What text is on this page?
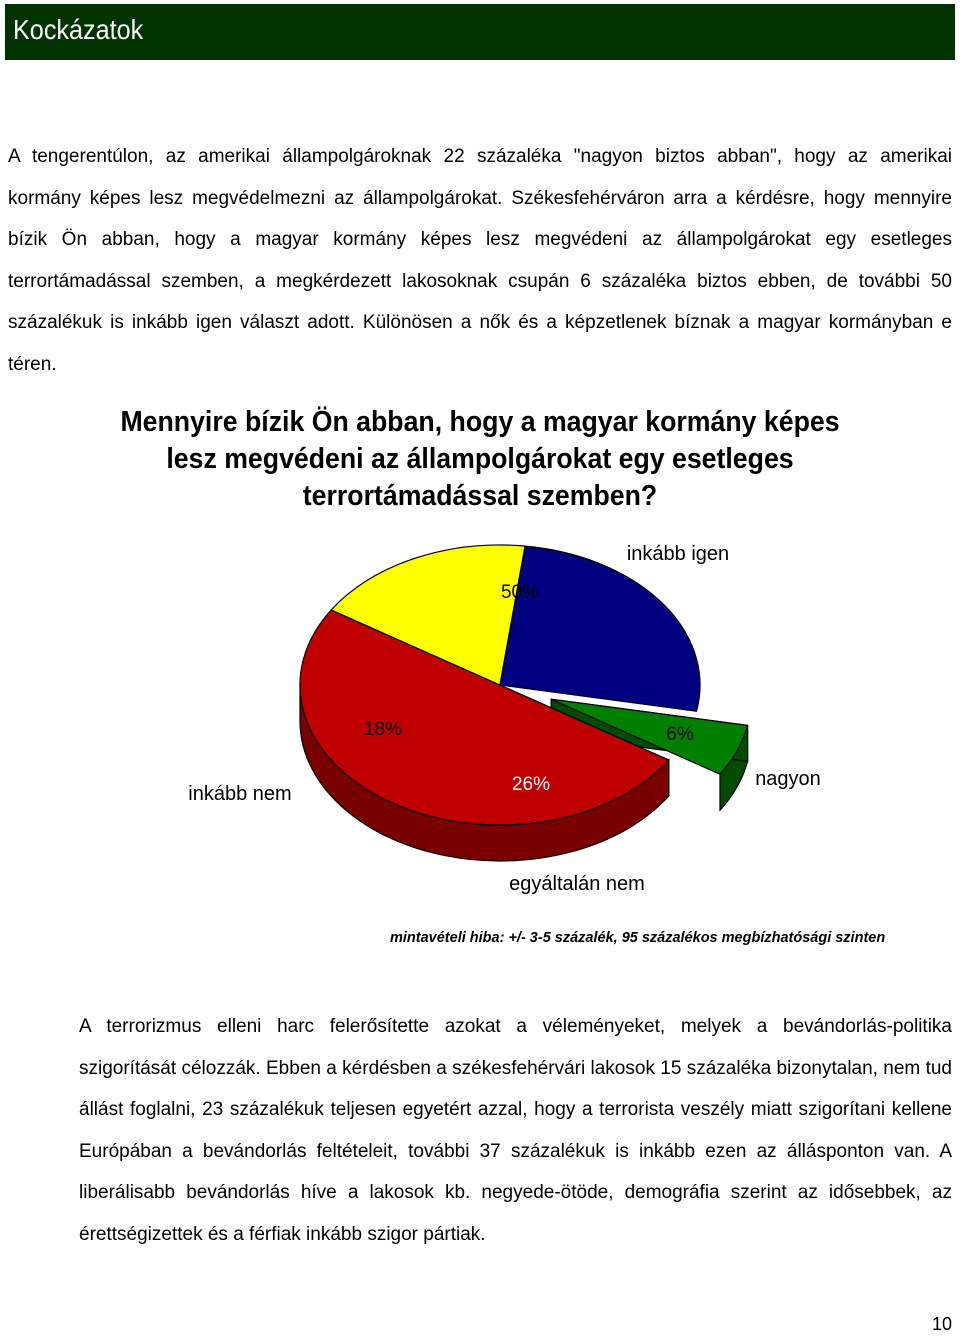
Kockázatok
A tengerentúlon, az amerikai állampolgároknak 22 százaléka "nagyon biztos abban", hogy az amerikai
kormány képes lesz megvédelmezni az állampolgárokat. Székesfehérváron arra a kérdésre, hogy mennyire
bízik Ön abban, hogy a magyar kormány képes lesz megvédeni az állampolgárokat egy esetleges
terrortámadással szemben, a megkérdezett lakosoknak csupán 6 százaléka biztos ebben, de további 50
százalékuk is inkább igen választ adott. Különösen a nők és a képzetlenek bíznak a magyar kormányban e
téren.

Mennyire bízik Ön abban, hogy a magyar kormány képes lesz megvédeni az állampolgárokat egy esetleges terrortámadással szemben?

6%
nagyon
50%
inkább igen
18%
inkább nem	26%
egyáltalán nem
mintavételi hiba: +/- 3-5 százalék, 95 százalékos megbízhatósági szinten
A terrorizmus elleni harc felerősítette azokat a véleményeket, melyek a bevándorlás-politika
szigorítását célozzák. Ebben a kérdésben a székesfehérvári lakosok 15 százaléka bizonytalan, nem tud
állást foglalni, 23 százalékuk teljesen egyetért azzal, hogy a terrorista veszély miatt szigorítani kellene
Európában a bevándorlás feltételeit, további 37 százalékuk is inkább ezen az állásponton van. A
liberálisabb bevándorlás híve a lakosok kb. negyede-ötöde, demográfia szerint az idősebbek, az
érettségizettek és a férfiak inkább szigor pártiak.
10
